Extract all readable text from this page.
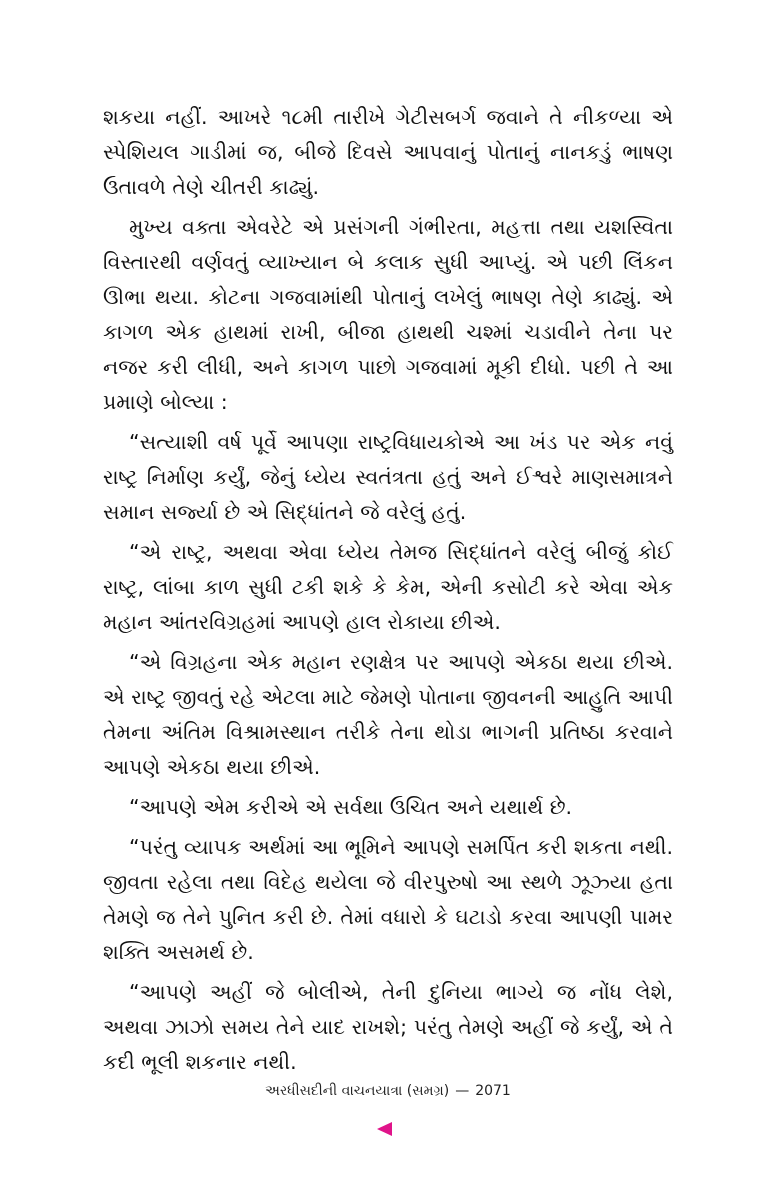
શકયા નહીં. આખરે ૧૮મી તારીખે ગેટીસબર્ગ જવાને તે નીકળ્યા એ સ્પેશિયલ ગાડીમાં જ, બીજે દિવસે આપવાનું પોતાનું નાનકડું ભાષણ ઉતાવળે તેણે ચીતરી કાઢ્યું.

મુખ્ય વક્તા એવરેટે એ પ્રસંગની ગંભીરતા, મહત્તા તથા યશસ્વિતા વિસ્તારથી વર્ણવતું વ્યાખ્યાન બે કલાક સુધી આપ્યું. એ પછી લિંકન ઊભા થયા. કોટના ગજવામાંથી પોતાનું લખેલું ભાષણ તેણે કાઢ્યું. એ કાગળ એક હાથમાં રાખી, બીજા હાથથી ચશ્માં ચડાવીને તેના પર નજર કરી લીધી, અને કાગળ પાછો ગજવામાં મૂકી દીધો. પછી તે આ પ્રમાણે બોલ્યા :

“સત્યાશી વર્ષ પૂર્વે આપણા રાષ્ટ્રવિધાયકોએ આ ખંડ પર એક નવું રાષ્ટ્ર નિર્માણ કર્યું, જેનું ધ્યેય સ્વતંત્રતા હતું અને ઈશ્વરે માણસમાત્રને સમાન સર્જ્યા છે એ સિદ્ધાંતને જે વરેલું હતું.

“એ રાષ્ટ્ર, અથવા એવા ધ્યેય તેમજ સિદ્ધાંતને વરેલું બીજું કોઈ રાષ્ટ્ર, લાંબા કાળ સુધી ટકી શકે કે કેમ, એની કસોટી કરે એવા એક મહાન આંતરવિગ્રહમાં આપણે હાલ રોકાયા છીએ.

“એ વિગ્રહના એક મહાન રણક્ષેત્ર પર આપણે એકઠા થયા છીએ. એ રાષ્ટ્ર જીવતું રહે એટલા માટે જેમણે પોતાના જીવનની આહુતિ આપી તેમના અંતિમ વિશ્રામસ્થાન તરીકે તેના થોડા ભાગની પ્રતિષ્ઠા કરવાને આપણે એકઠા થયા છીએ.

“આપણે એમ કરીએ એ સર્વથા ઉચિત અને યથાર્થ છે.

“પરંતુ વ્યાપક અર્થમાં આ ભૂમિને આપણે સમર્પિત કરી શકતા નથી. જીવતા રહેલા તથા વિદેહ થયેલા જે વીરપુરુષો આ સ્થળે ઝૂઝ્યા હતા તેમણે જ તેને પુનિત કરી છે. તેમાં વધારો કે ઘટાડો કરવા આપણી પામર શક્તિ અસમર્થ છે.

“આપણે અહીં જે બોલીએ, તેની દુનિયા ભાગ્યે જ નોંધ લેશે, અથવા ઝાઝો સમય તેને યાદ રાખશે; પરંતુ તેમણે અહીં જે કર્યું, એ તે કદી ભૂલી શકનાર નથી.

અરધીસદીની વાચનયાત્રા (સમગ્ર) — 2071
